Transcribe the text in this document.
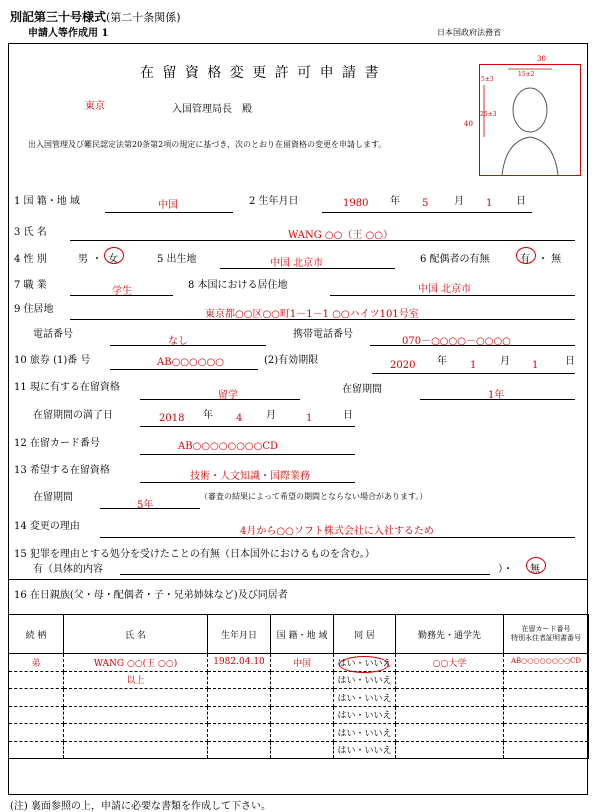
別記第三十号様式(第二十条関係)
申請人等作成用 1	日本国政府法務省
在 留 資 格 変 更 許 可 申 請 書
東京	入国管理局長　殿
出入国管理及び難民認定法第20条第2項の規定に基づき，次のとおり在留資格の変更を申請します。
30
15±2
5±3
25±3
40
1 国 籍・地 域	中国	2 生年月日	1980 年 5	月 1 日
3 氏 名	WANG ○○（王 ○○）
4 性 別	男 ・ 女	5 出生地	中国 北京市	6 配偶者の有無	有 ・ 無
7 職 業
学生
8 本国における居住地	中国 北京市
9 住居地	東京都○○区○○町1－1－1 ○○ハイツ101号室
電話番号
なし
携帯電話番号
070－○○○○－○○○○
10 旅券 (1)番 号	AB○○○○○○	(2)有効期限	2020 年 1 月 1	日
11 現に有する在留資格
留学
在留期間
1年
在留期間の満了日	2018 年 4 月	1	日
12 在留カード番号	AB○○○○○○○○CD
13 希望する在留資格
技術・人文知識・国際業務
在留期間
5年
（審査の結果によって希望の期間とならない場合があります。）
14 変更の理由	4月から○○ソフト株式会社に入社するため
15 犯罪を理由とする処分を受けたことの有無（日本国外におけるものを含む。）
有（具体的内容	）・ 無
16 在日親族(父・母・配偶者・子・兄弟姉妹など)及び同居者
続 柄	氏 名	生年月日	国 籍・地 域	同 居	勤務先・通学先	在留カード番号
特別永住者証明書番号
弟	WANG ○○(王 ○○)	1982.04.10	中国	はい・いいえ	○○大学	AB○○○○○○○○CD
	以上			はい・いいえ		
				はい・いいえ		
				はい・いいえ		
				はい・いいえ		
				はい・いいえ		
(注) 裏面参照の上，申請に必要な書類を作成して下さい。
